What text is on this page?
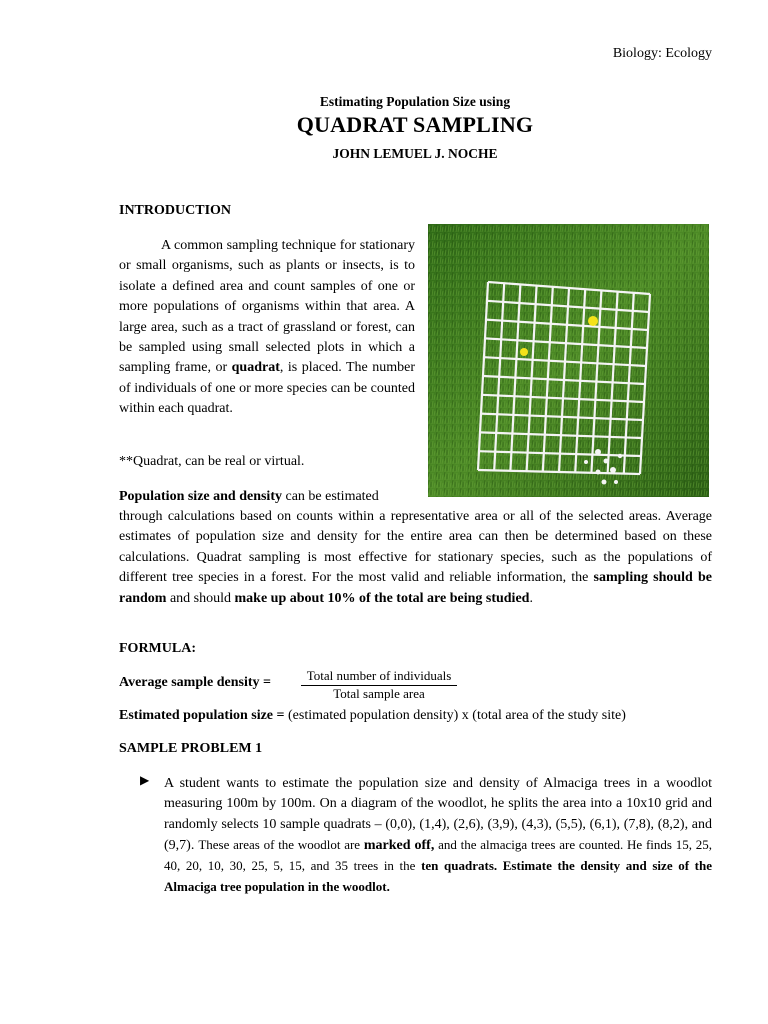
Biology: Ecology
Estimating Population Size using
QUADRAT SAMPLING
JOHN LEMUEL J. NOCHE
INTRODUCTION

A common sampling technique for stationary or small organisms, such as plants or insects, is to isolate a defined area and count samples of one or more populations of organisms within that area. A large area, such as a tract of grassland or forest, can be sampled using small selected plots in which a sampling frame, or quadrat, is placed. The number of individuals of one or more species can be counted within each quadrat.

**Quadrat, can be real or virtual.

Population size and density can be estimated

through calculations based on counts within a representative area or all of the selected areas. Average estimates of population size and density for the entire area can then be determined based on these calculations. Quadrat sampling is most effective for stationary species, such as the populations of different tree species in a forest. For the most valid and reliable information, the sampling should be random and should make up about 10% of the total are being studied.

FORMULA:
Average sample density =	Total number of individuals
Total sample area
Estimated population size = (estimated population density) x (total area of the study site)
SAMPLE PROBLEM 1
▶ A student wants to estimate the population size and density of Almaciga trees in a woodlot measuring 100m by 100m. On a diagram of the woodlot, he splits the area into a 10x10 grid and randomly selects 10 sample quadrats – (0,0), (1,4), (2,6), (3,9), (4,3), (5,5), (6,1), (7,8), (8,2), and (9,7). These areas of the woodlot are marked off, and the almaciga trees are counted. He finds 15, 25, 40, 20, 10, 30, 25, 5, 15, and 35 trees in the ten quadrats. Estimate the density and size of the Almaciga tree population in the woodlot.
